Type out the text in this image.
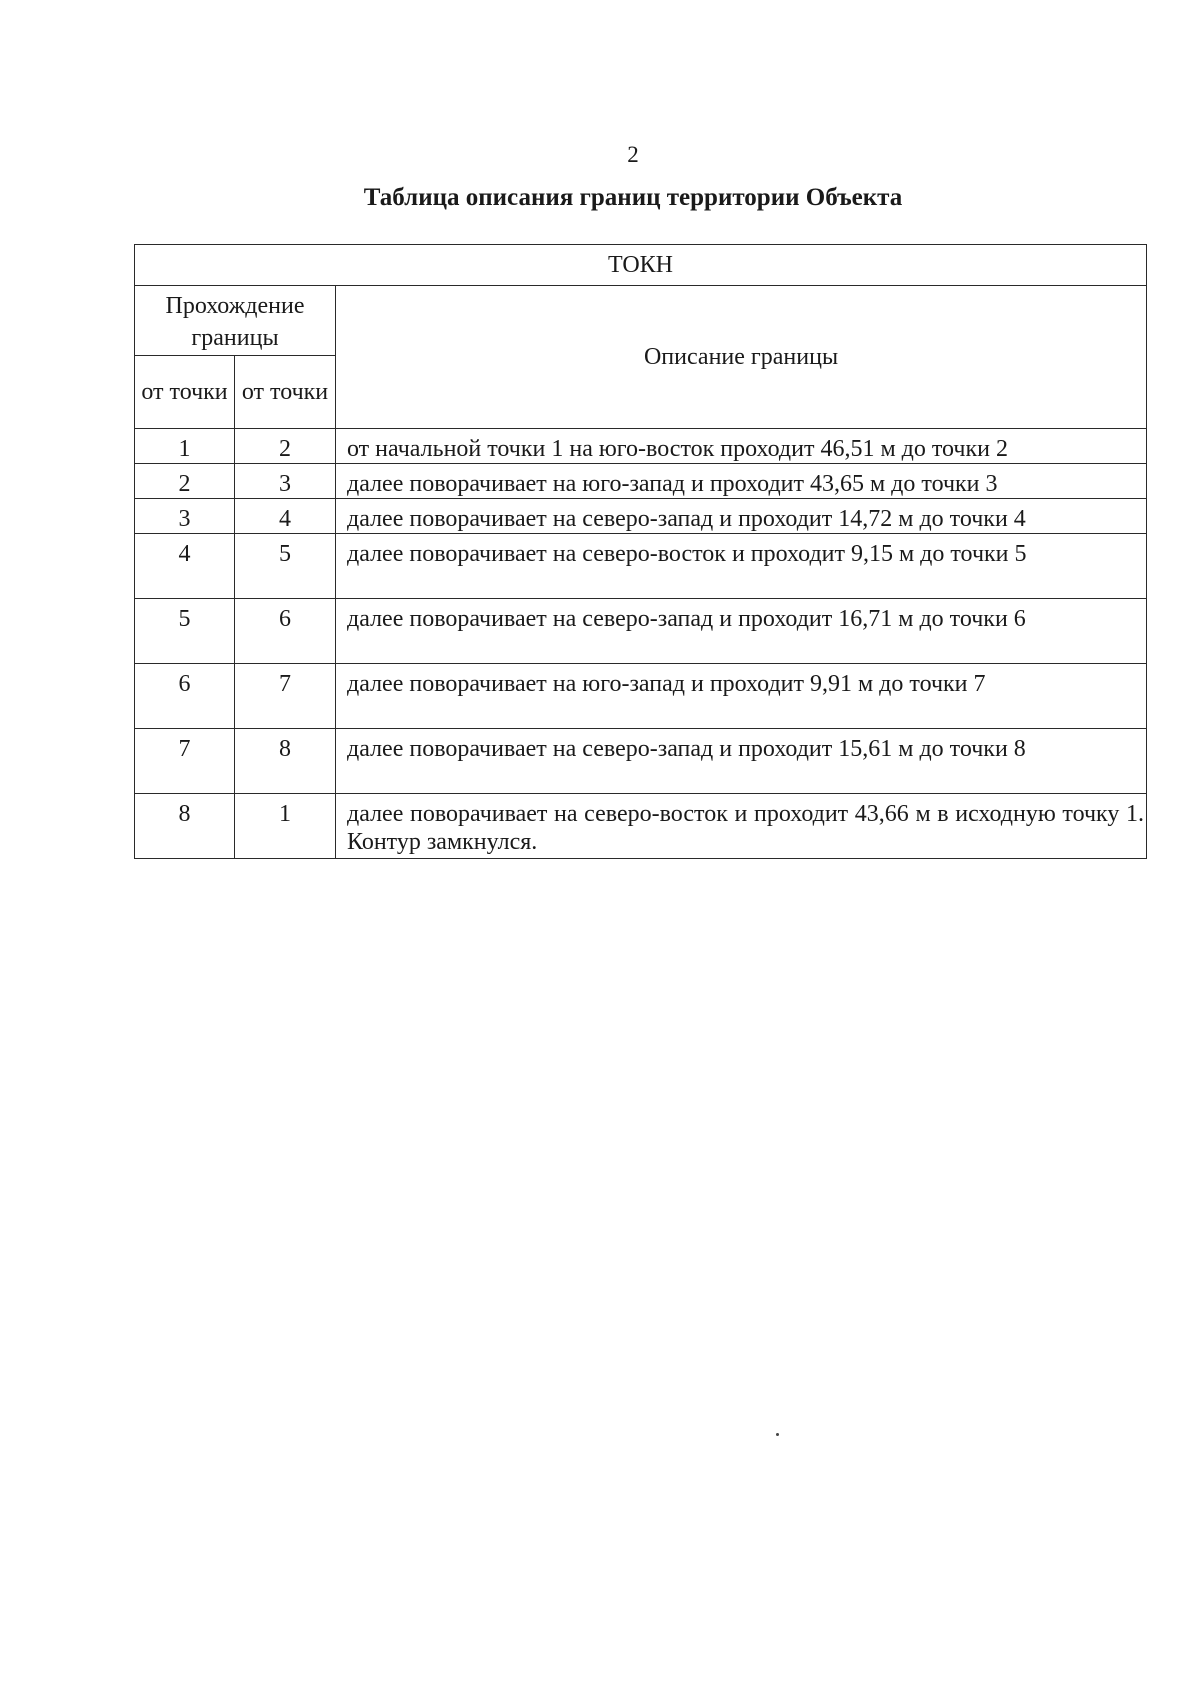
2
Таблица описания границ территории Объекта
ТОКН		
Прохождение границы		Описание границы
от точки	от точки	
1	2	от начальной точки 1 на юго-восток проходит 46,51 м до точки 2
2	3	далее поворачивает на юго-запад и проходит 43,65 м до точки 3
3	4	далее поворачивает на северо-запад и проходит 14,72 м до точки 4
4	5	далее поворачивает на северо-восток и проходит 9,15 м до точки 5
5	6	далее поворачивает на северо-запад и проходит 16,71 м до точки 6
6	7	далее поворачивает на юго-запад и проходит 9,91 м до точки 7
7	8	далее поворачивает на северо-запад и проходит 15,61 м до точки 8
8	1	далее поворачивает на северо-восток и проходит 43,66 м в исходную точку 1. Контур замкнулся.
